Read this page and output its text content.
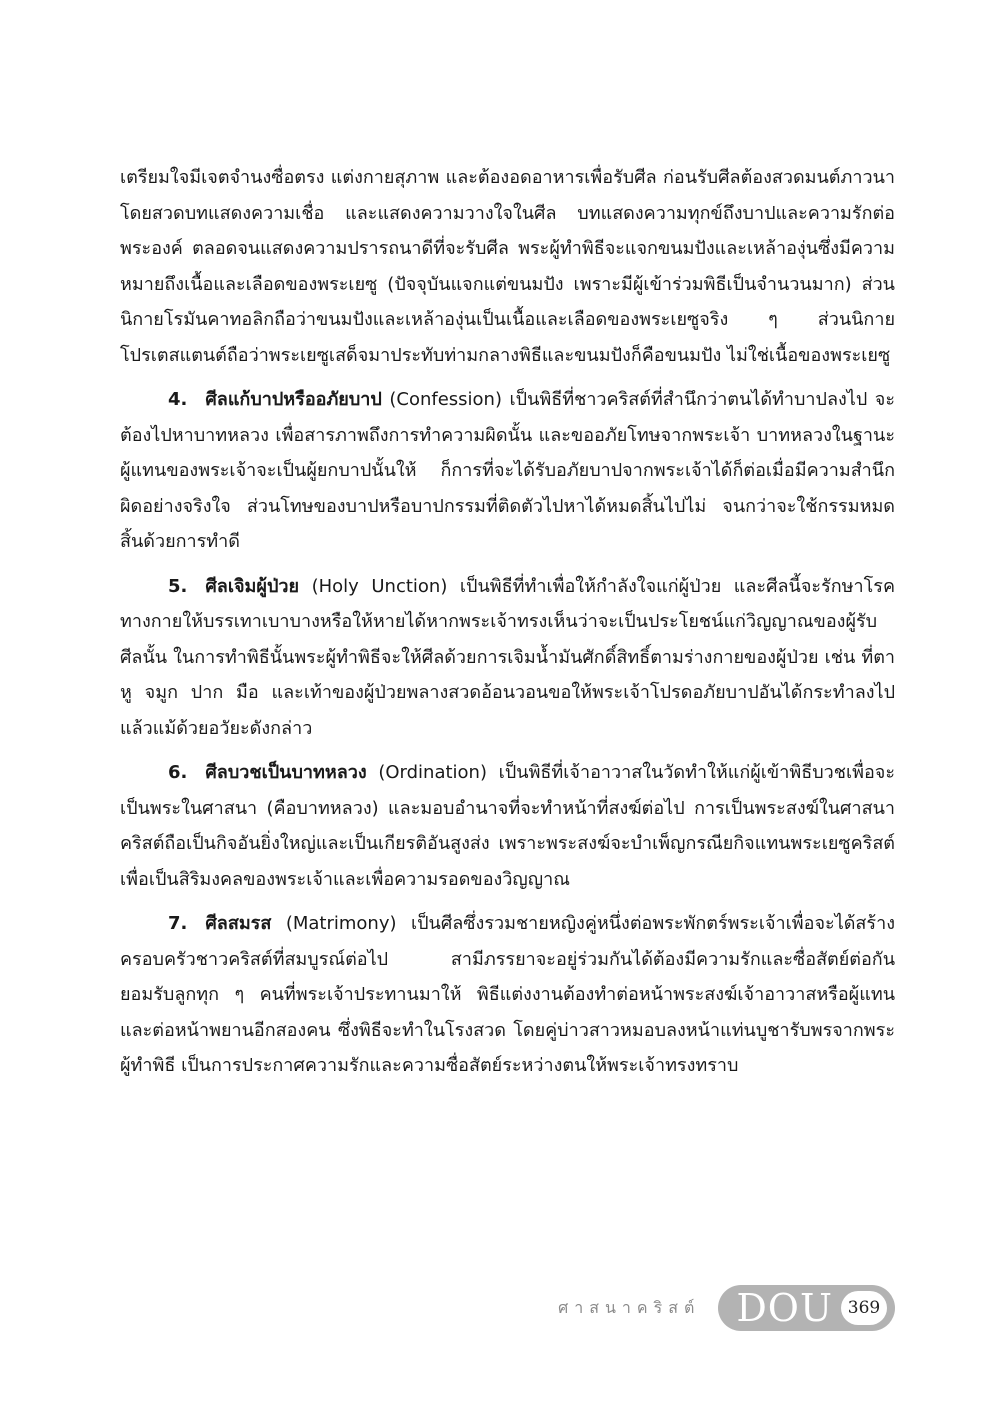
เตรียมใจมีเจตจำนงซื่อตรง แต่งกายสุภาพ และต้องอดอาหารเพื่อรับศีล ก่อนรับศีลต้องสวดมนต์ภาวนาโดยสวดบทแสดงความเชื่อ และแสดงความวางใจในศีล บทแสดงความทุกข์ถึงบาปและความรักต่อพระองค์ ตลอดจนแสดงความปรารถนาดีที่จะรับศีล พระผู้ทำพิธีจะแจกขนมปังและเหล้าองุ่นซึ่งมีความหมายถึงเนื้อและเลือดของพระเยซู (ปัจจุบันแจกแต่ขนมปัง เพราะมีผู้เข้าร่วมพิธีเป็นจำนวนมาก) ส่วนนิกายโรมันคาทอลิกถือว่าขนมปังและเหล้าองุ่นเป็นเนื้อและเลือดของพระเยซูจริง ๆ ส่วนนิกายโปรเตสแตนต์ถือว่าพระเยซูเสด็จมาประทับท่ามกลางพิธีและขนมปังก็คือขนมปัง ไม่ใช่เนื้อของพระเยซู

4. ศีลแก้บาปหรืออภัยบาป (Confession) เป็นพิธีที่ชาวคริสต์ที่สำนึกว่าตนได้ทำบาปลงไป จะต้องไปหาบาทหลวง เพื่อสารภาพถึงการทำความผิดนั้น และขออภัยโทษจากพระเจ้า บาทหลวงในฐานะผู้แทนของพระเจ้าจะเป็นผู้ยกบาปนั้นให้ ก็การที่จะได้รับอภัยบาปจากพระเจ้าได้ก็ต่อเมื่อมีความสำนึกผิดอย่างจริงใจ ส่วนโทษของบาปหรือบาปกรรมที่ติดตัวไปหาได้หมดสิ้นไปไม่ จนกว่าจะใช้กรรมหมดสิ้นด้วยการทำดี

5. ศีลเจิมผู้ป่วย (Holy Unction) เป็นพิธีที่ทำเพื่อให้กำลังใจแก่ผู้ป่วย และศีลนี้จะรักษาโรคทางกายให้บรรเทาเบาบางหรือให้หายได้หากพระเจ้าทรงเห็นว่าจะเป็นประโยชน์แก่วิญญาณของผู้รับศีลนั้น ในการทำพิธีนั้นพระผู้ทำพิธีจะให้ศีลด้วยการเจิมน้ำมันศักดิ์สิทธิ์ตามร่างกายของผู้ป่วย เช่น ที่ตา หู จมูก ปาก มือ และเท้าของผู้ป่วยพลางสวดอ้อนวอนขอให้พระเจ้าโปรดอภัยบาปอันได้กระทำลงไปแล้วแม้ด้วยอวัยะดังกล่าว

6. ศีลบวชเป็นบาทหลวง (Ordination) เป็นพิธีที่เจ้าอาวาสในวัดทำให้แก่ผู้เข้าพิธีบวชเพื่อจะเป็นพระในศาสนา (คือบาทหลวง) และมอบอำนาจที่จะทำหน้าที่สงฆ์ต่อไป การเป็นพระสงฆ์ในศาสนาคริสต์ถือเป็นกิจอันยิ่งใหญ่และเป็นเกียรติอันสูงส่ง เพราะพระสงฆ์จะบำเพ็ญกรณียกิจแทนพระเยซูคริสต์เพื่อเป็นสิริมงคลของพระเจ้าและเพื่อความรอดของวิญญาณ

7. ศีลสมรส (Matrimony) เป็นศีลซึ่งรวมชายหญิงคู่หนึ่งต่อพระพักตร์พระเจ้าเพื่อจะได้สร้างครอบครัวชาวคริสต์ที่สมบูรณ์ต่อไป สามีภรรยาจะอยู่ร่วมกันได้ต้องมีความรักและซื่อสัตย์ต่อกัน ยอมรับลูกทุก ๆ คนที่พระเจ้าประทานมาให้ พิธีแต่งงานต้องทำต่อหน้าพระสงฆ์เจ้าอาวาสหรือผู้แทน และต่อหน้าพยานอีกสองคน ซึ่งพิธีจะทำในโรงสวด โดยคู่บ่าวสาวหมอบลงหน้าแท่นบูชารับพรจากพระผู้ทำพิธี เป็นการประกาศความรักและความซื่อสัตย์ระหว่างตนให้พระเจ้าทรงทราบ

ศาสนาคริสต์ DOU 369
